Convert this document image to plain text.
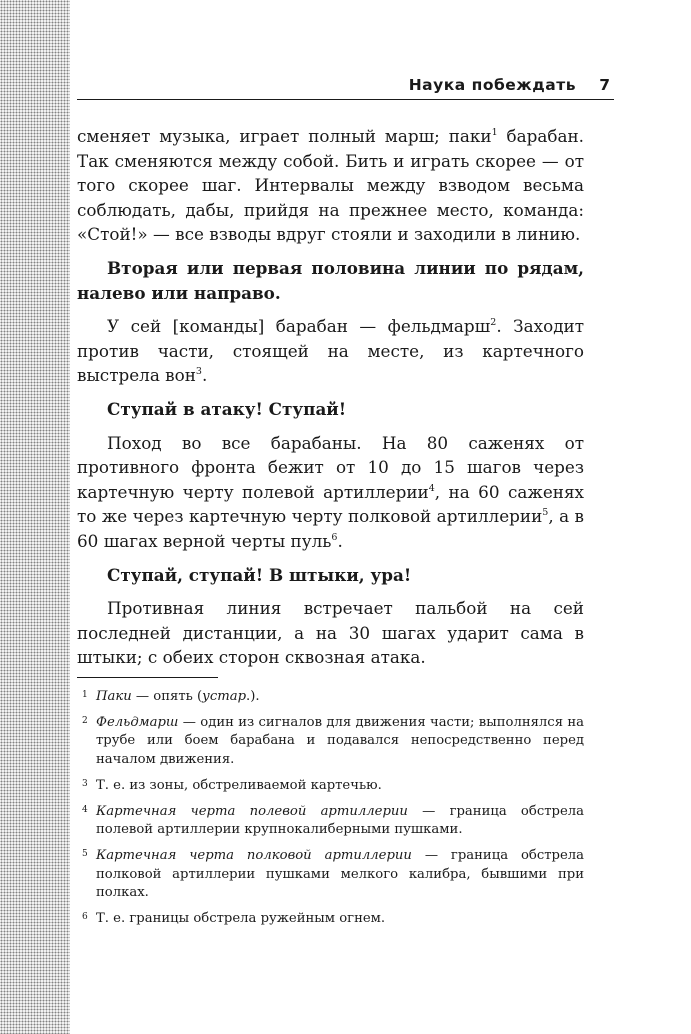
Наука побеждать 7

сменяет музыка, играет полный марш; паки$^1$ барабан. Так сменяются между собой. Бить и играть скорее — от того скорее шаг. Интервалы между взводом весьма соблюдать, дабы, прийдя на прежнее место, команда: «Стой!» — все взводы вдруг стояли и заходили в линию.

Вторая или первая половина линии по рядам, налево или направо.

У сей [команды] барабан — фельдмарш$^2$. Заходит против части, стоящей на месте, из картечного выстрела вон$^3$.

Ступай в атаку! Ступай!

Поход во все барабаны. На 80 саженях от противного фронта бежит от 10 до 15 шагов через картечную черту полевой артиллерии$^4$, на 60 саженях то же через картечную черту полковой артиллерии$^5$, а в 60 шагах верной черты пуль$^6$.

Ступай, ступай! В штыки, ура!

Противная линия встречает пальбой на сей последней дистанции, а на 30 шагах ударит сама в штыки; с обеих сторон сквозная атака.

1 Паки — опять (устар.).
2 Фельдмарш — один из сигналов для движения части; выполнялся на трубе или боем барабана и подавался непосредственно перед началом движения.
3 Т. е. из зоны, обстреливаемой картечью.
4 Картечная черта полевой артиллерии — граница обстрела полевой артиллерии крупнокалиберными пушками.
5 Картечная черта полковой артиллерии — граница обстрела полковой артиллерии пушками мелкого калибра, бывшими при полках.
6 Т. е. границы обстрела ружейным огнем.
